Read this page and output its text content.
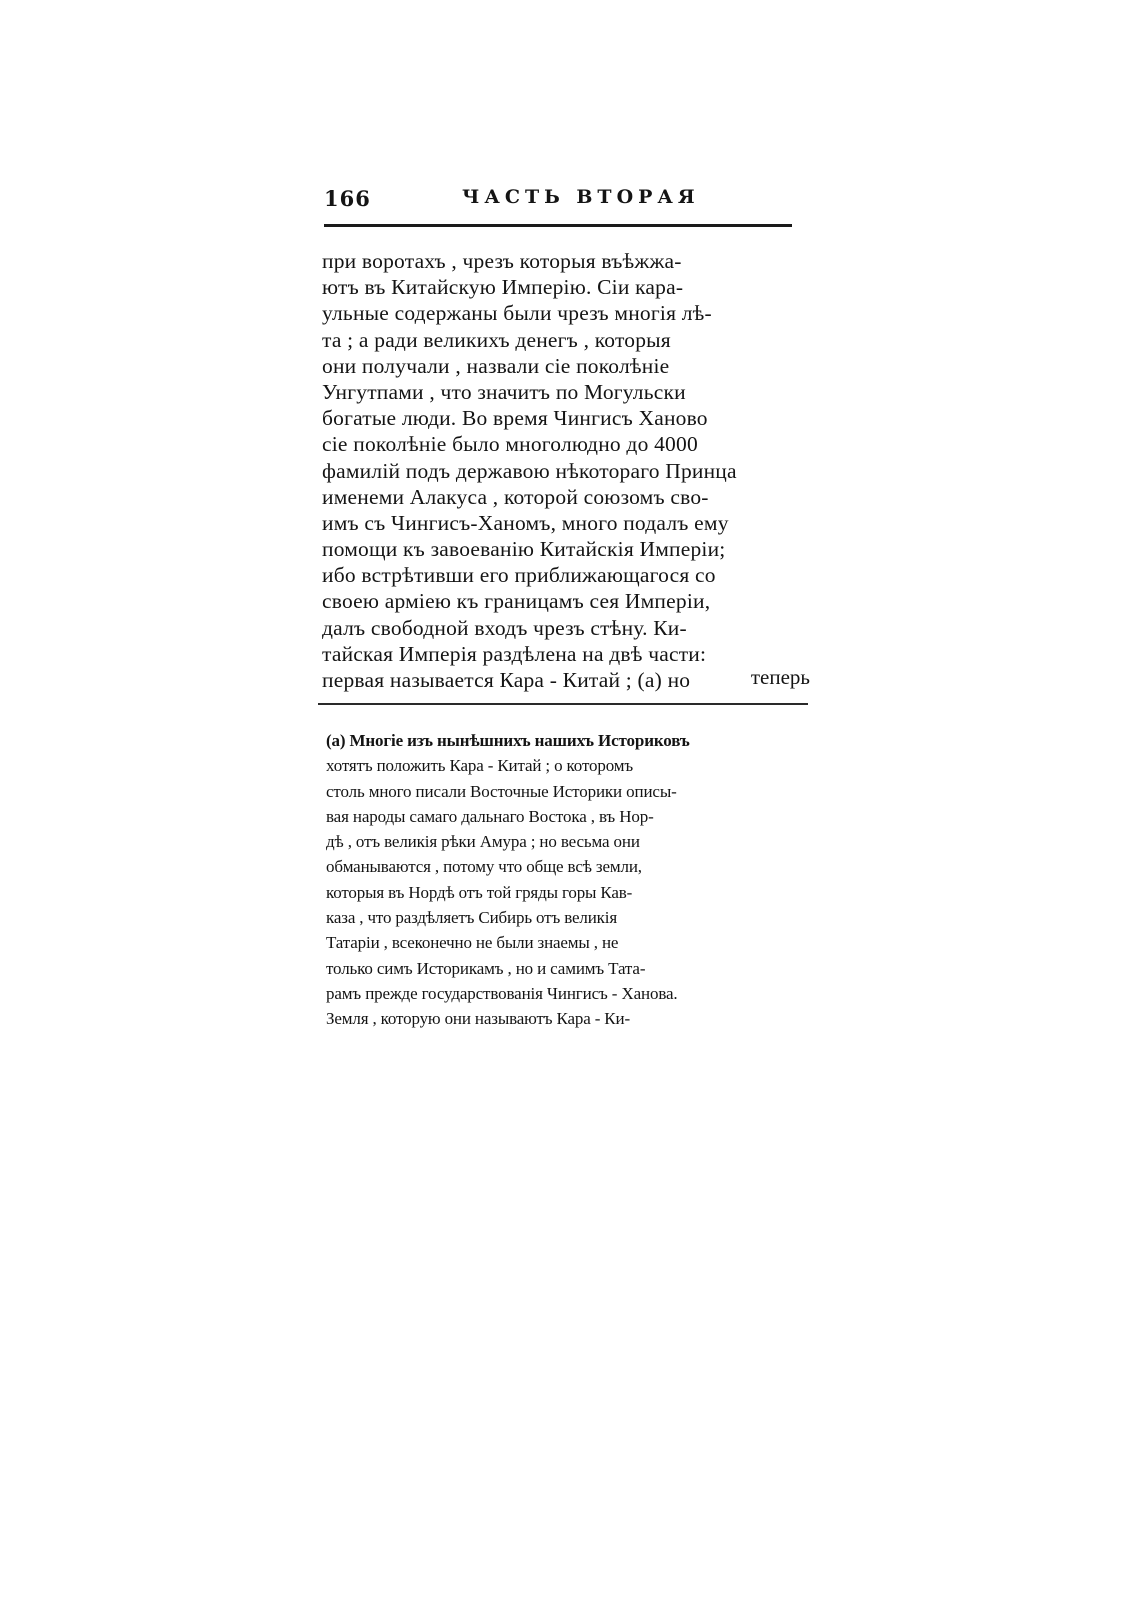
166	ЧАСТЬ ВТОРАЯ
при воротахъ , чрезъ которыя въѣжжа-
ютъ въ Китайскую Имперію. Сіи кара-
ульные содержаны были чрезъ многія лѣ-
та ; а ради великихъ денегъ , которыя
они получали , назвали сіе поколѣніе
Унгутпами , что значитъ по Могульски
богатые люди. Во время Чингисъ Ханово
сіе поколѣніе было многолюдно до 4000
фамилій подъ державою нѣкотораго Принца
именеми Алакуса , которой союзомъ сво-
имъ съ Чингисъ-Ханомъ, много подалъ ему
помощи къ завоеванію Китайскія Имперіи;
ибо встрѣтивши его приближающагося со
своею арміею къ границамъ сея Имперіи,
далъ свободной входъ чрезъ стѣну. Ки-
тайская Имперія раздѣлена на двѣ части:
первая называется Кара - Китай ; (а) но	теперь
(а) Многіе изъ нынѣшнихъ нашихъ Историковъ
хотятъ положить Кара - Китай ; о которомъ
столь много писали Восточные Историки описы-
вая народы самаго дальнаго Востока , въ Нор-
дѣ , отъ великія рѣки Амура ; но весьма они
обманываются , потому что обще всѣ земли,
которыя въ Нордѣ отъ той гряды горы Кав-
каза , что раздѣляетъ Сибирь отъ великія
Татаріи , всеконечно не были знаемы , не
только симъ Историкамъ , но и самимъ Тата-
рамъ прежде государствованія Чингисъ - Ханова.
Земля , которую они называютъ Кара - Ки-
